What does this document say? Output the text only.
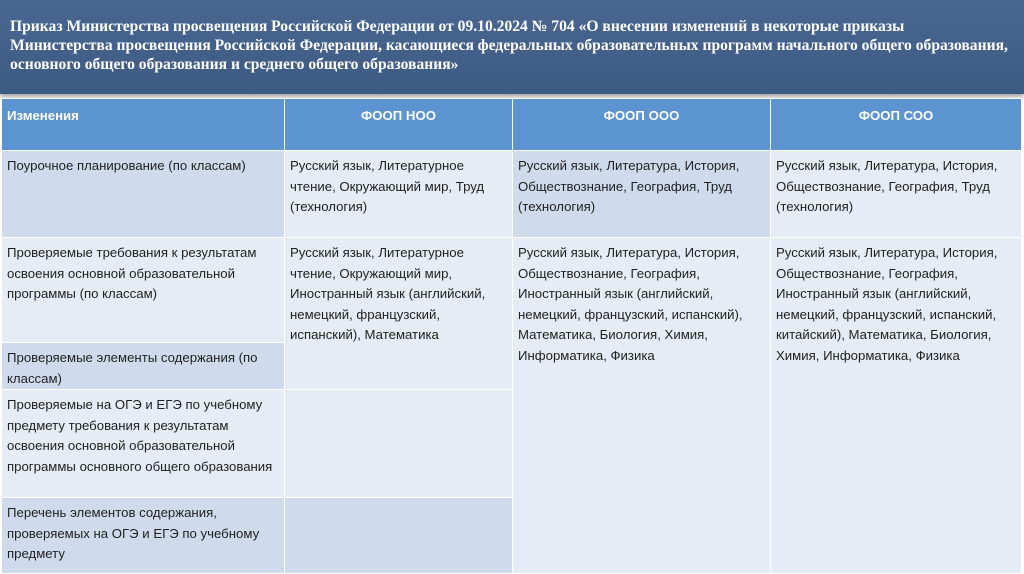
Приказ Министерства просвещения Российской Федерации от 09.10.2024 № 704 «О внесении изменений в некоторые приказы Министерства просвещения Российской Федерации, касающиеся федеральных образовательных программ начального общего образования, основного общего образования и среднего общего образования»
Изменения	ФООП НОО	ФООП ООО	ФООП СОО
Поурочное планирование (по классам)	Русский язык, Литературное чтение, Окружающий мир, Труд (технология)	Русский язык, Литература, История, Обществознание, География, Труд (технология)	Русский язык, Литература, История, Обществознание, География, Труд (технология)
Проверяемые требования к результатам освоения основной образовательной программы (по классам)	Русский язык, Литературное чтение, Окружающий мир, Иностранный язык (английский, немецкий, французский, испанский), Математика	Русский язык, Литература, История, Обществознание, География, Иностранный язык (английский, немецкий, французский, испанский), Математика, Биология, Химия, Информатика, Физика	Русский язык, Литература, История, Обществознание, География, Иностранный язык (английский, немецкий, французский, испанский, китайский), Математика, Биология, Химия, Информатика, Физика
Проверяемые элементы содержания (по классам)			
Проверяемые на ОГЭ и ЕГЭ по учебному предмету требования к результатам освоения основной образовательной программы основного общего образования			
Перечень элементов содержания, проверяемых на ОГЭ и ЕГЭ по учебному предмету			
